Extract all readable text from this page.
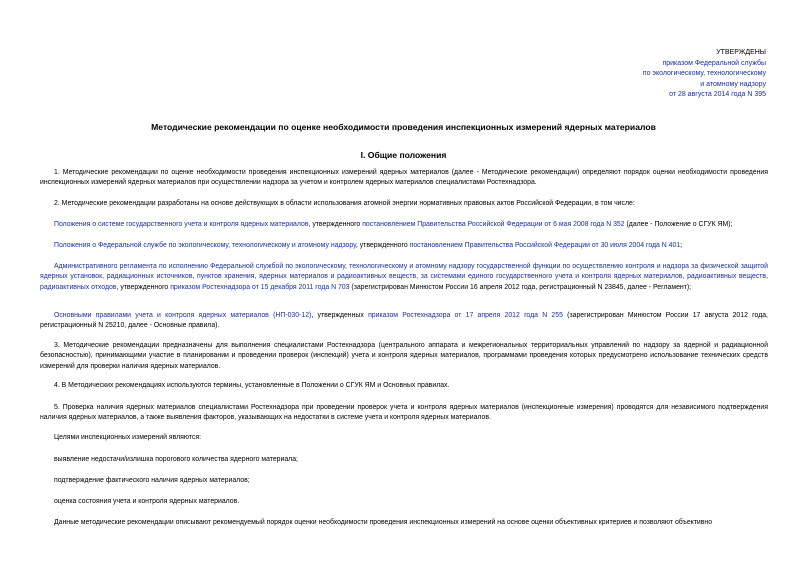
УТВЕРЖДЕНЫ
приказом Федеральной службы
по экологическому, технологическому
и атомному надзору
от 28 августа 2014 года N 395
Методические рекомендации по оценке необходимости проведения инспекционных измерений ядерных материалов
I. Общие положения

1. Методические рекомендации по оценке необходимости проведения инспекционных измерений ядерных материалов (далее - Методические рекомендации) определяют порядок оценки необходимости проведения инспекционных измерений ядерных материалов при осуществлении надзора за учетом и контролем ядерных материалов специалистами Ростехнадзора.

2. Методические рекомендации разработаны на основе действующих в области использования атомной энергии нормативных правовых актов Российской Федерации, в том числе:

Положения о системе государственного учета и контроля ядерных материалов, утвержденного постановлением Правительства Российской Федерации от 6 мая 2008 года N 352 (далее - Положение о СГУК ЯМ);

Положения о Федеральной службе по экологическому, технологическому и атомному надзору, утвержденного постановлением Правительства Российской Федерации от 30 июля 2004 года N 401;

Административного регламента по исполнению Федеральной службой по экологическому, технологическому и атомному надзору государственной функции по осуществлению контроля и надзора за физической защитой ядерных установок, радиационных источников, пунктов хранения, ядерных материалов и радиоактивных веществ, за системами единого государственного учета и контроля ядерных материалов, радиоактивных веществ, радиоактивных отходов, утвержденного приказом Ростехнадзора от 15 декабря 2011 года N 703 (зарегистрирован Минюстом России 16 апреля 2012 года, регистрационный N 23845, далее - Регламент);

Основными правилами учета и контроля ядерных материалов (НП-030-12), утвержденных приказом Ростехнадзора от 17 апреля 2012 года N 255 (зарегистрирован Минюстом России 17 августа 2012 года, регистрационный N 25210, далее - Основные правила).

3. Методические рекомендации предназначены для выполнения специалистами Ростехнадзора (центрального аппарата и межрегиональных территориальных управлений по надзору за ядерной и радиационной безопасностью), принимающими участие в планировании и проведении проверок (инспекций) учета и контроля ядерных материалов, программами проведения которых предусмотрено использование технических средств измерений для проверки наличия ядерных материалов.

4. В Методических рекомендациях используются термины, установленные в Положении о СГУК ЯМ и Основных правилах.

5. Проверка наличия ядерных материалов специалистами Ростехнадзора при проведении проверок учета и контроля ядерных материалов (инспекционные измерения) проводятся для независимого подтверждения наличия ядерных материалов, а также выявления факторов, указывающих на недостатки в системе учета и контроля ядерных материалов.

Целями инспекционных измерений являются:

выявление недостачи/излишка порогового количества ядерного материала;

подтверждение фактического наличия ядерных материалов;

оценка состояния учета и контроля ядерных материалов.

Данные методические рекомендации описывают рекомендуемый порядок оценки необходимости проведения инспекционных измерений на основе оценки объективных критериев и позволяют объективно
